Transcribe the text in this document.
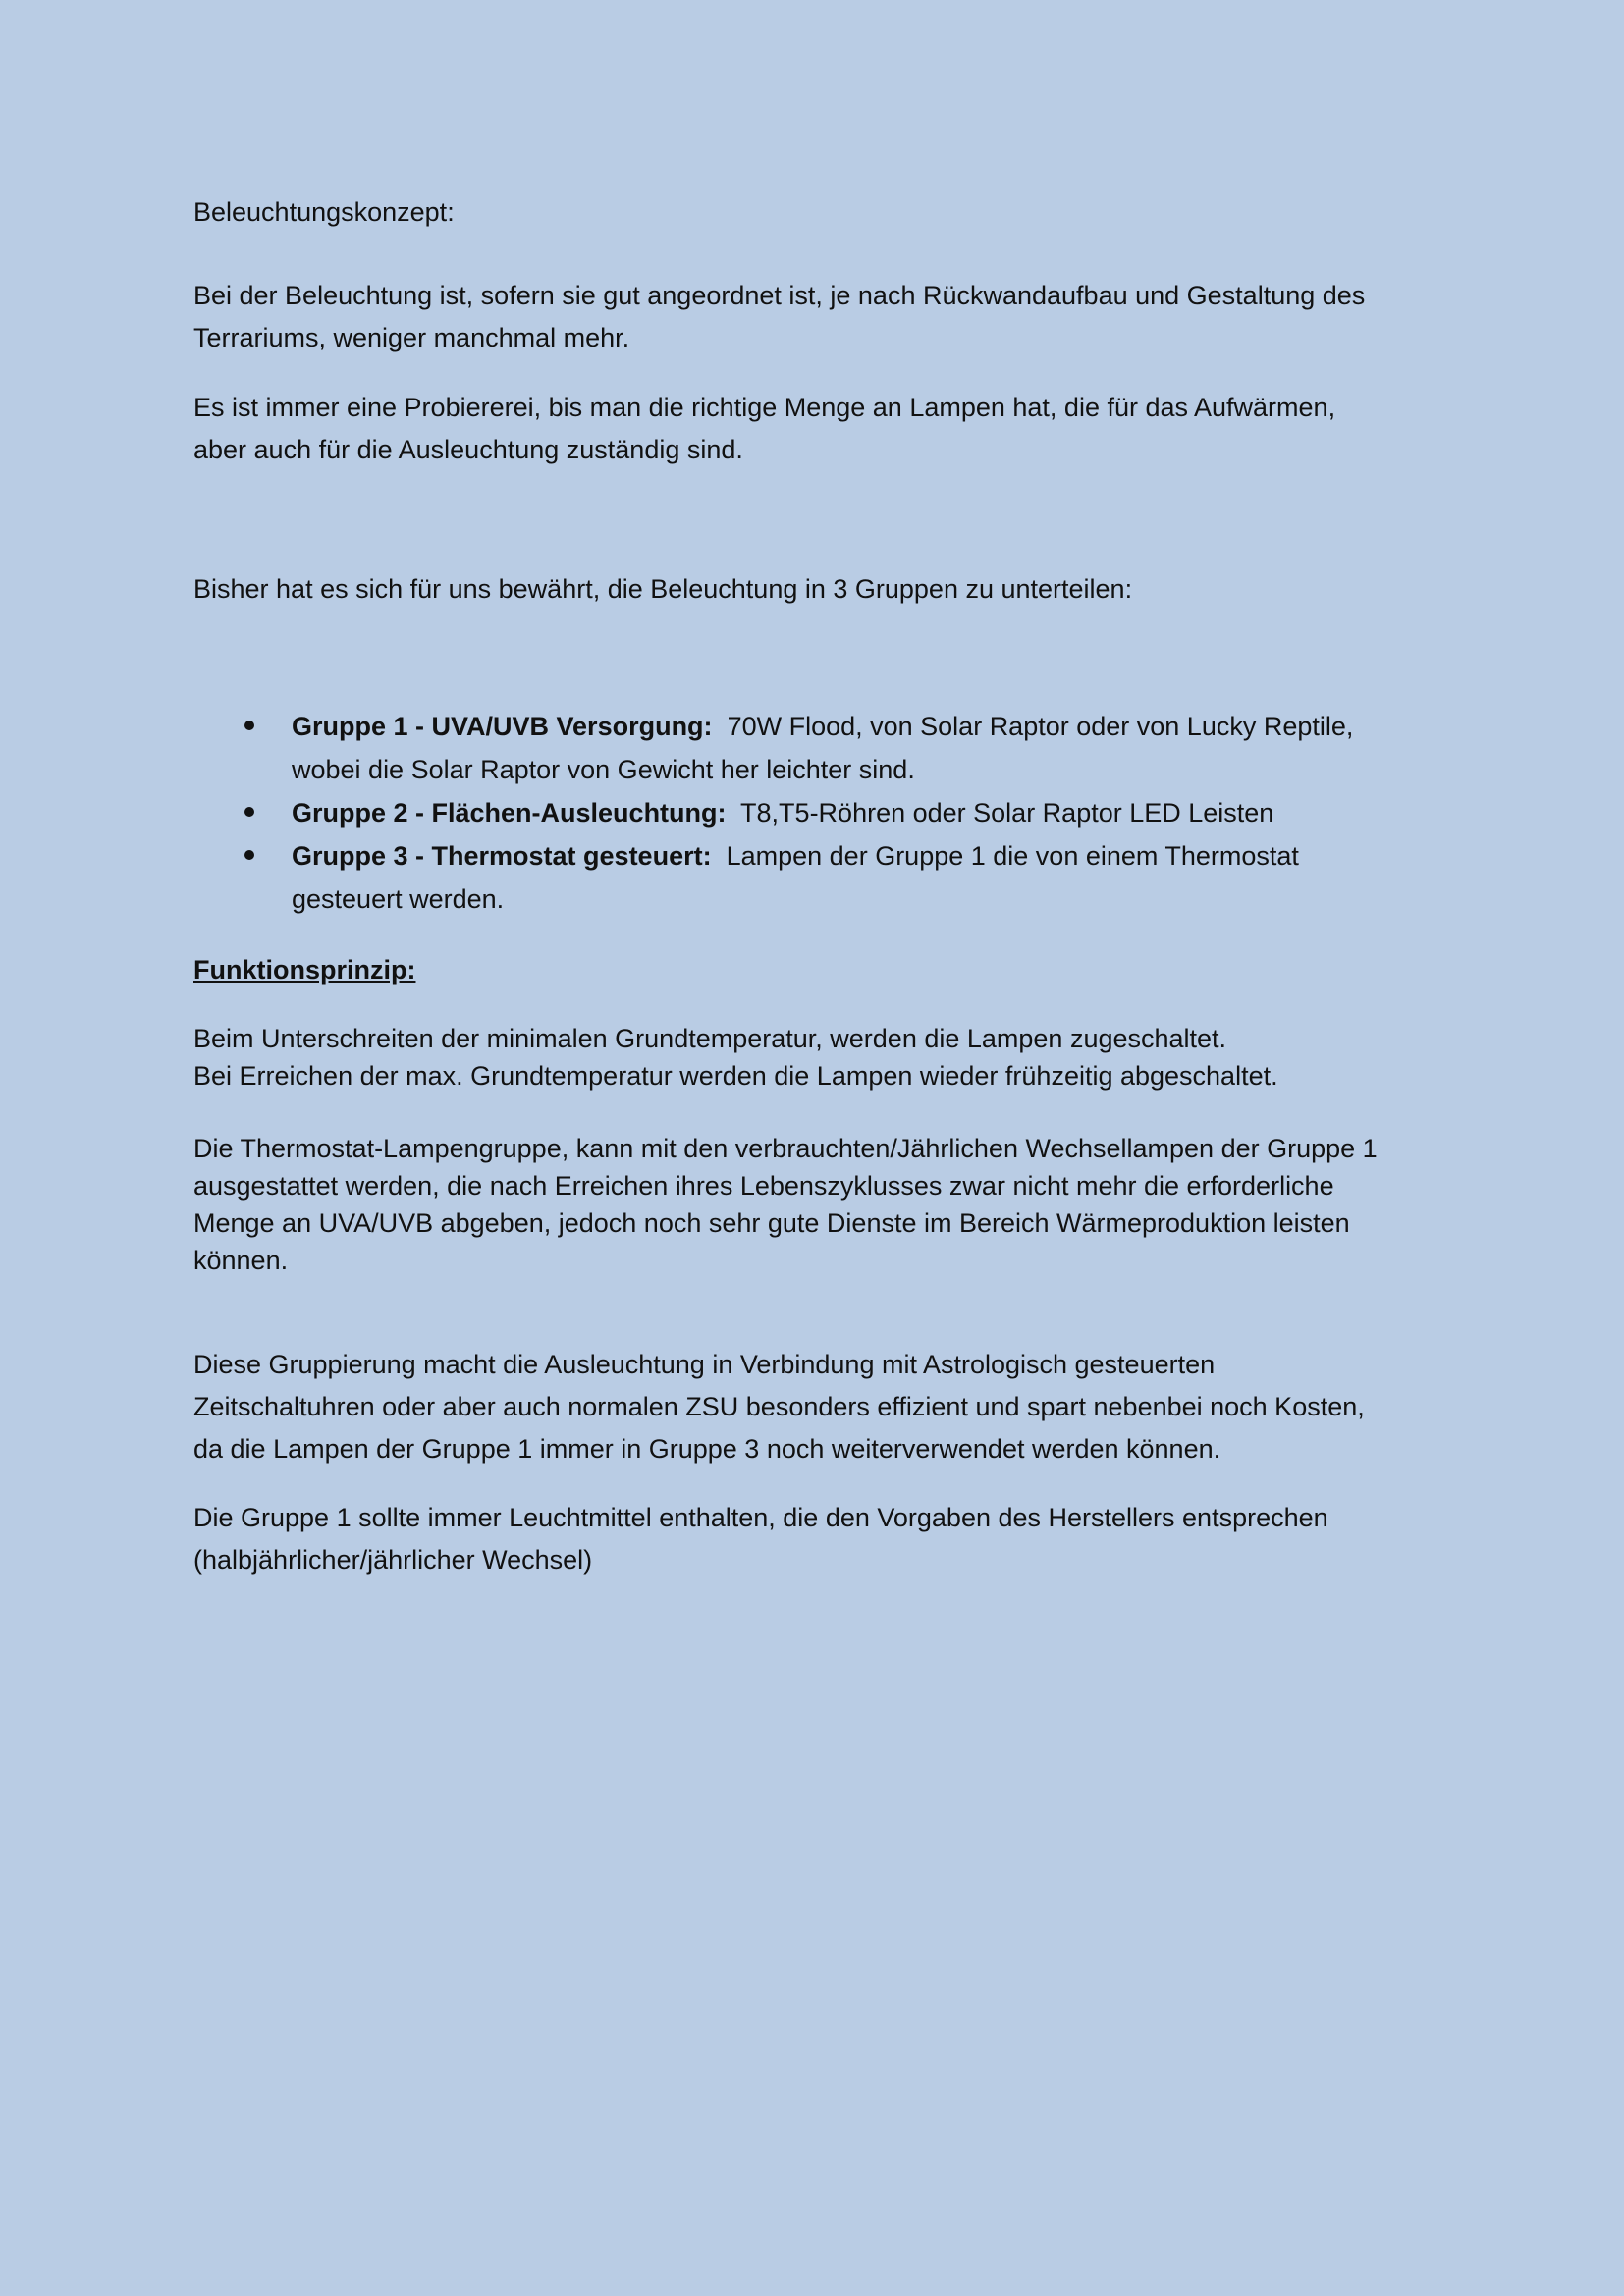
Beleuchtungskonzept:

Bei der Beleuchtung ist, sofern sie gut angeordnet ist, je nach Rückwandaufbau und Gestaltung des

Terrariums, weniger manchmal mehr.

Es ist immer eine Probiererei, bis man die richtige Menge an Lampen hat, die für das Aufwärmen,

aber auch für die Ausleuchtung zuständig sind.

Bisher hat es sich für uns bewährt, die Beleuchtung in 3 Gruppen zu unterteilen:

Gruppe 1 - UVA/UVB Versorgung: 70W Flood, von Solar Raptor oder von Lucky Reptile,
wobei die Solar Raptor von Gewicht her leichter sind.
Gruppe 2 - Flächen-Ausleuchtung: T8,T5-Röhren oder Solar Raptor LED Leisten
Gruppe 3 - Thermostat gesteuert: Lampen der Gruppe 1 die von einem Thermostat
gesteuert werden.

Funktionsprinzip:

Beim Unterschreiten der minimalen Grundtemperatur, werden die Lampen zugeschaltet.

Bei Erreichen der max. Grundtemperatur werden die Lampen wieder frühzeitig abgeschaltet.

Die Thermostat-Lampengruppe, kann mit den verbrauchten/Jährlichen Wechsellampen der Gruppe 1

ausgestattet werden, die nach Erreichen ihres Lebenszyklusses zwar nicht mehr die erforderliche

Menge an UVA/UVB abgeben, jedoch noch sehr gute Dienste im Bereich Wärmeproduktion leisten

können.

Diese Gruppierung macht die Ausleuchtung in Verbindung mit Astrologisch gesteuerten

Zeitschaltuhren oder aber auch normalen ZSU besonders effizient und spart nebenbei noch Kosten,

da die Lampen der Gruppe 1 immer in Gruppe 3 noch weiterverwendet werden können.

Die Gruppe 1 sollte immer Leuchtmittel enthalten, die den Vorgaben des Herstellers entsprechen

(halbjährlicher/jährlicher Wechsel)
